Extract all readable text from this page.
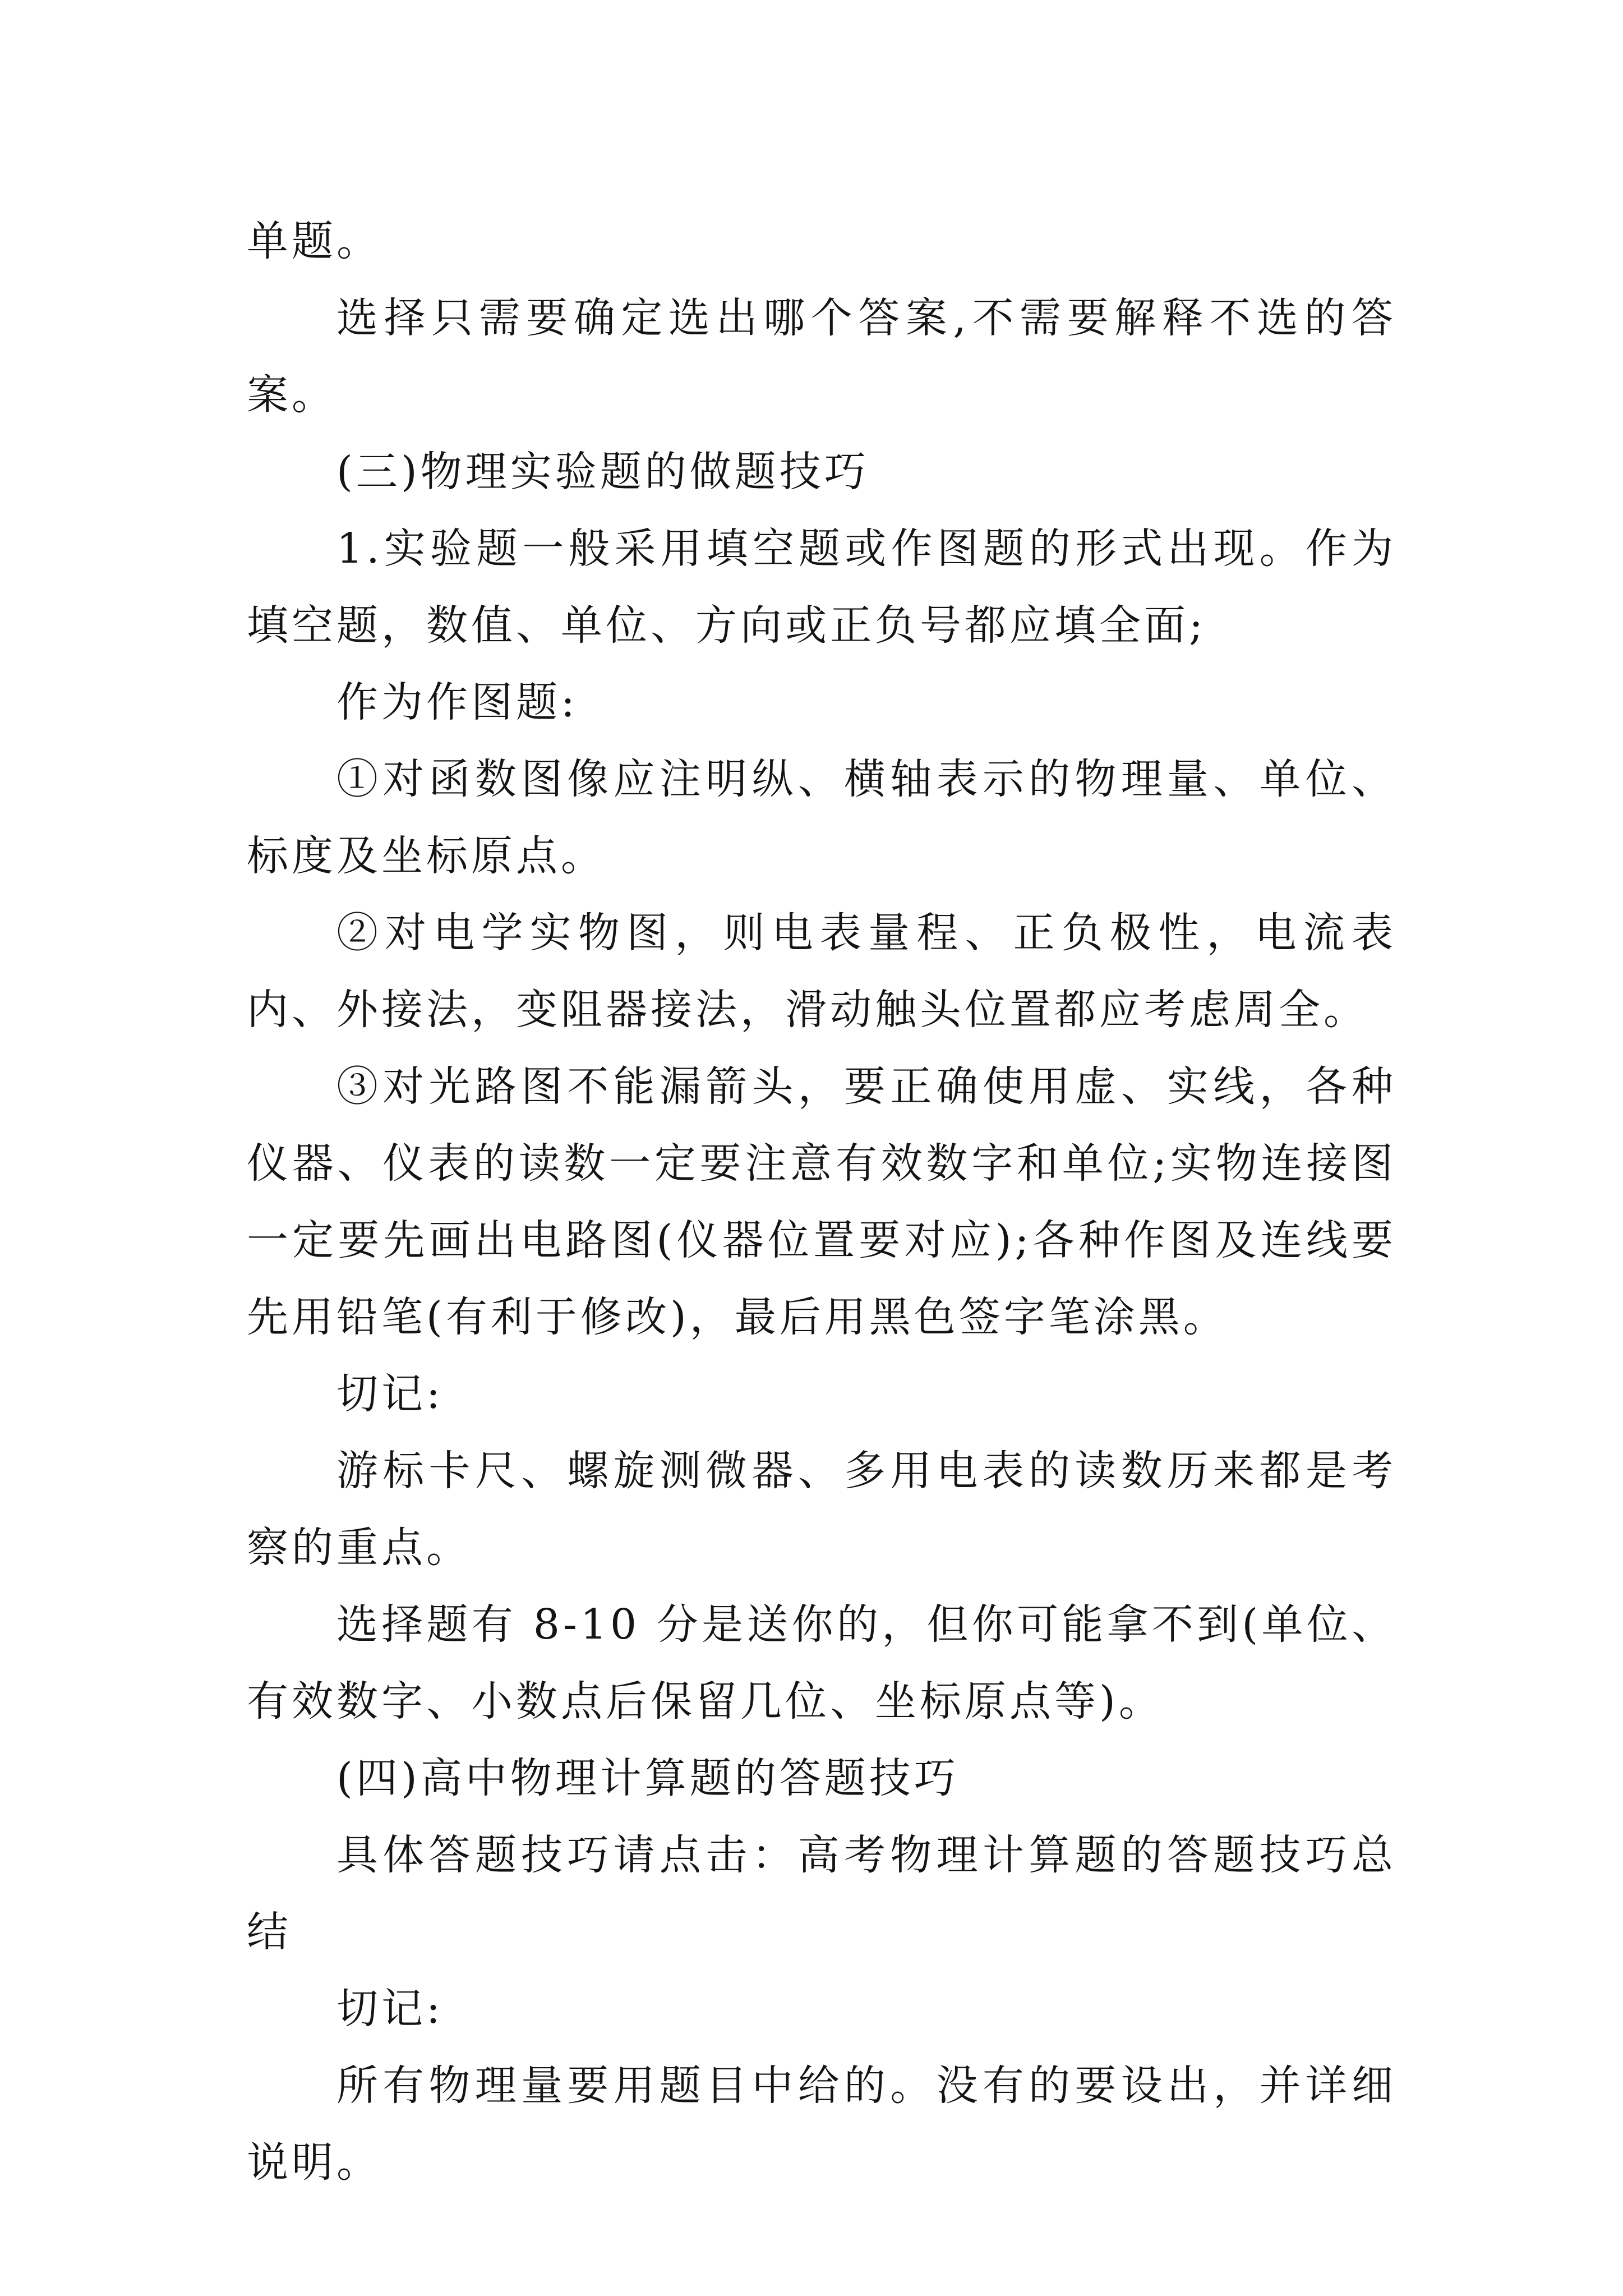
单题。

选择只需要确定选出哪个答案,不需要解释不选的答案。

(三)物理实验题的做题技巧

1.实验题一般采用填空题或作图题的形式出现。作为填空题，数值、单位、方向或正负号都应填全面;

作为作图题:

①对函数图像应注明纵、横轴表示的物理量、单位、标度及坐标原点。

②对电学实物图，则电表量程、正负极性，电流表内、外接法，变阻器接法，滑动触头位置都应考虑周全。

③对光路图不能漏箭头，要正确使用虚、实线，各种仪器、仪表的读数一定要注意有效数字和单位;实物连接图一定要先画出电路图(仪器位置要对应);各种作图及连线要先用铅笔(有利于修改)，最后用黑色签字笔涂黑。

切记:

游标卡尺、螺旋测微器、多用电表的读数历来都是考察的重点。

选择题有 8-10 分是送你的，但你可能拿不到(单位、有效数字、小数点后保留几位、坐标原点等)。

(四)高中物理计算题的答题技巧

具体答题技巧请点击：高考物理计算题的答题技巧总结

切记:

所有物理量要用题目中给的。没有的要设出，并详细说明。
